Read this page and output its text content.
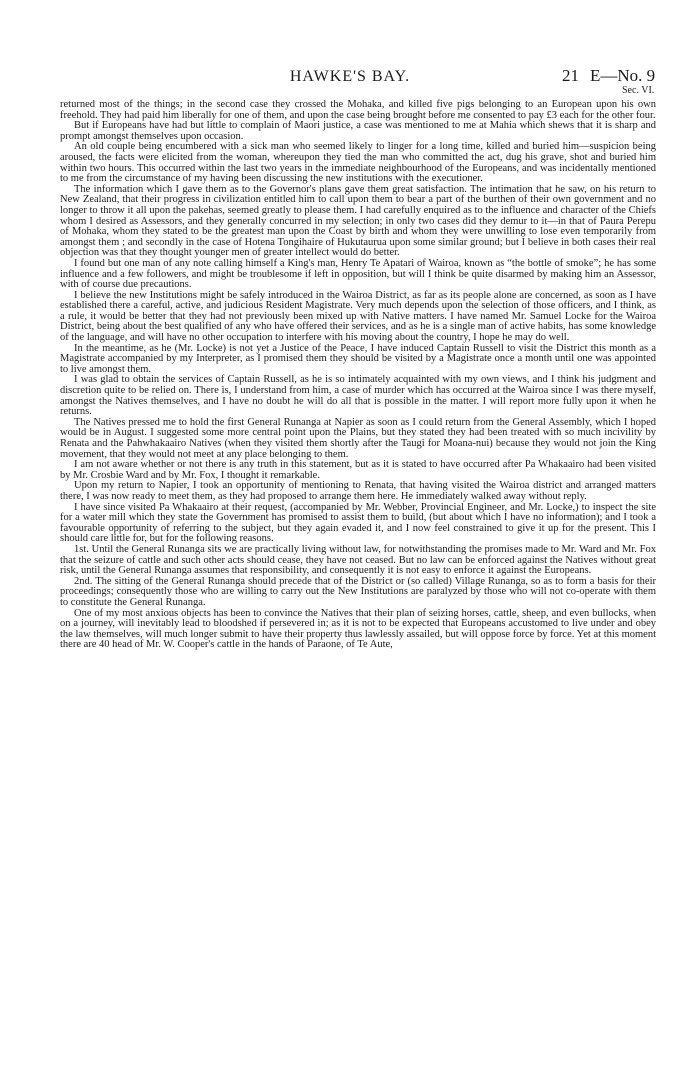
HAWKE'S BAY.	21 E—No. 9
Sec. VI.

returned most of the things; in the second case they crossed the Mohaka, and killed five pigs belonging to an European upon his own freehold. They had paid him liberally for one of them, and upon the case being brought before me consented to pay £3 each for the other four.

But if Europeans have had but little to complain of Maori justice, a case was mentioned to me at Mahia which shews that it is sharp and prompt amongst themselves upon occasion.

An old couple being encumbered with a sick man who seemed likely to linger for a long time, killed and buried him—suspicion being aroused, the facts were elicited from the woman, whereupon they tied the man who committed the act, dug his grave, shot and buried him within two hours. This occurred within the last two years in the immediate neighbourhood of the Europeans, and was incidentally mentioned to me from the circumstance of my having been discussing the new institutions with the executioner.

The information which I gave them as to the Governor's plans gave them great satisfaction. The intimation that he saw, on his return to New Zealand, that their progress in civilization entitled him to call upon them to bear a part of the burthen of their own government and no longer to throw it all upon the pakehas, seemed greatly to please them. I had carefully enquired as to the influence and character of the Chiefs whom I desired as Assessors, and they generally concurred in my selection; in only two cases did they demur to it—in that of Paura Perepu of Mohaka, whom they stated to be the greatest man upon the Coast by birth and whom they were unwilling to lose even temporarily from amongst them ; and secondly in the case of Hotena Tongihaire of Hukutaurua upon some similar ground; but I believe in both cases their real objection was that they thought younger men of greater intellect would do better.

I found but one man of any note calling himself a King's man, Henry Te Apatari of Wairoa, known as “the bottle of smoke”; he has some influence and a few followers, and might be troublesome if left in opposition, but will I think be quite disarmed by making him an Assessor, with of course due precautions.

I believe the new Institutions might be safely introduced in the Wairoa District, as far as its people alone are concerned, as soon as I have established there a careful, active, and judicious Resident Magistrate. Very much depends upon the selection of those officers, and I think, as a rule, it would be better that they had not previously been mixed up with Native matters. I have named Mr. Samuel Locke for the Wairoa District, being about the best qualified of any who have offered their services, and as he is a single man of active habits, has some knowledge of the language, and will have no other occupation to interfere with his moving about the country, I hope he may do well.

In the meantime, as he (Mr. Locke) is not yet a Justice of the Peace, I have induced Captain Russell to visit the District this month as a Magistrate accompanied by my Interpreter, as I promised them they should be visited by a Magistrate once a month until one was appointed to live amongst them.

I was glad to obtain the services of Captain Russell, as he is so intimately acquainted with my own views, and I think his judgment and discretion quite to be relied on. There is, I understand from him, a case of murder which has occurred at the Wairoa since I was there myself, amongst the Natives themselves, and I have no doubt he will do all that is possible in the matter. I will report more fully upon it when he returns.

The Natives pressed me to hold the first General Runanga at Napier as soon as I could return from the General Assembly, which I hoped would be in August. I suggested some more central point upon the Plains, but they stated they had been treated with so much incivility by Renata and the Pahwhakaairo Natives (when they visited them shortly after the Taugi for Moana-nui) because they would not join the King movement, that they would not meet at any place belonging to them.

I am not aware whether or not there is any truth in this statement, but as it is stated to have occurred after Pa Whakaairo had been visited by Mr. Crosbie Ward and by Mr. Fox, I thought it remarkable.

Upon my return to Napier, I took an opportunity of mentioning to Renata, that having visited the Wairoa district and arranged matters there, I was now ready to meet them, as they had proposed to arrange them here. He immediately walked away without reply.

I have since visited Pa Whakaairo at their request, (accompanied by Mr. Webber, Provincial Engineer, and Mr. Locke,) to inspect the site for a water mill which they state the Government has promised to assist them to build, (but about which I have no information); and I took a favourable opportunity of referring to the subject, but they again evaded it, and I now feel constrained to give it up for the present. This I should care little for, but for the following reasons.

1st. Until the General Runanga sits we are practically living without law, for notwithstanding the promises made to Mr. Ward and Mr. Fox that the seizure of cattle and such other acts should cease, they have not ceased. But no law can be enforced against the Natives without great risk, until the General Runanga assumes that responsibility, and consequently it is not easy to enforce it against the Europeans.

2nd. The sitting of the General Runanga should precede that of the District or (so called) Village Runanga, so as to form a basis for their proceedings; consequently those who are willing to carry out the New Institutions are paralyzed by those who will not co-operate with them to constitute the General Runanga.

One of my most anxious objects has been to convince the Natives that their plan of seizing horses, cattle, sheep, and even bullocks, when on a journey, will inevitably lead to bloodshed if persevered in; as it is not to be expected that Europeans accustomed to live under and obey the law themselves, will much longer submit to have their property thus lawlessly assailed, but will oppose force by force. Yet at this moment there are 40 head of Mr. W. Cooper's cattle in the hands of Paraone, of Te Aute,
